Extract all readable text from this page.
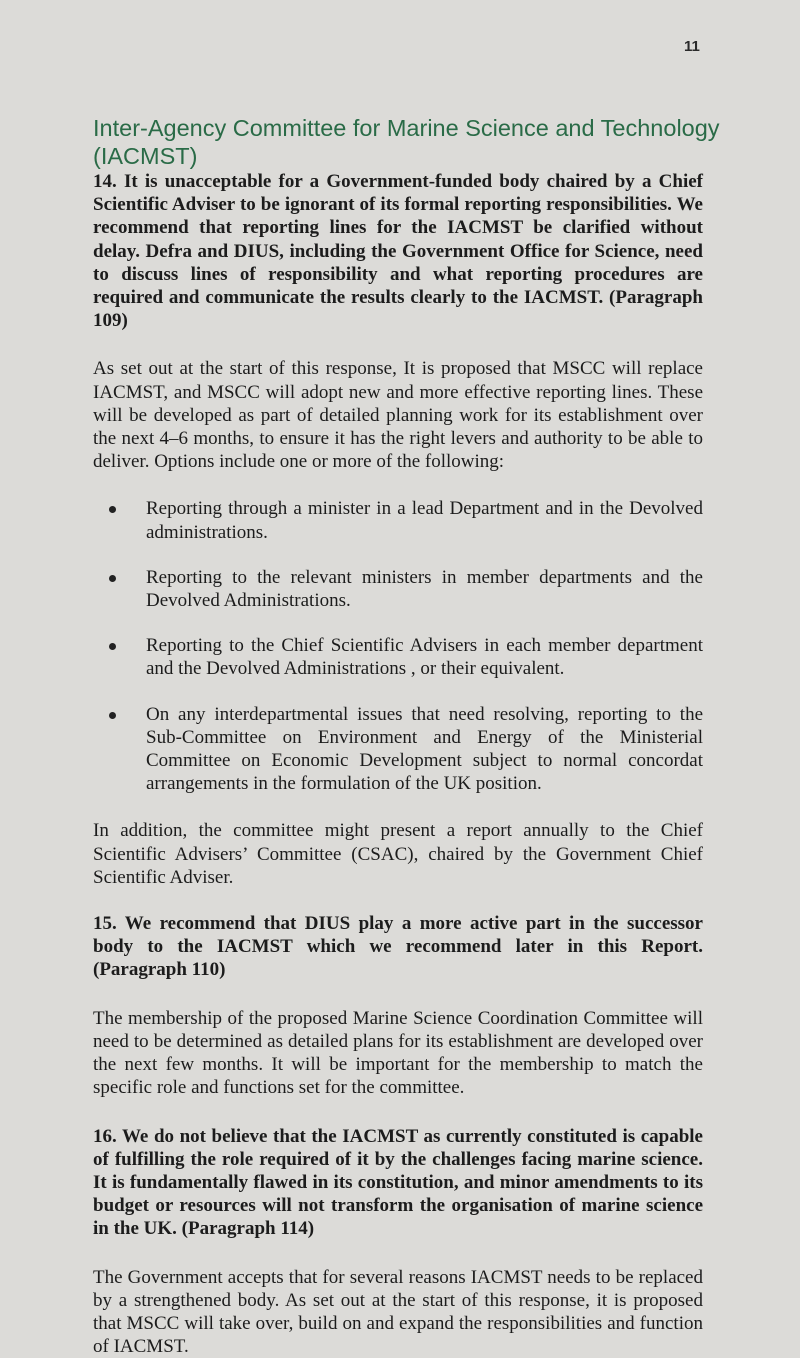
11
Inter-Agency Committee for Marine Science and Technology (IACMST)

14. It is unacceptable for a Government-funded body chaired by a Chief Scientific Adviser to be ignorant of its formal reporting responsibilities. We recommend that reporting lines for the IACMST be clarified without delay. Defra and DIUS, including the Government Office for Science, need to discuss lines of responsibility and what reporting procedures are required and communicate the results clearly to the IACMST. (Paragraph 109)

As set out at the start of this response, It is proposed that MSCC will replace IACMST, and MSCC will adopt new and more effective reporting lines. These will be developed as part of detailed planning work for its establishment over the next 4–6 months, to ensure it has the right levers and authority to be able to deliver. Options include one or more of the following:

Reporting through a minister in a lead Department and in the Devolved administrations.
Reporting to the relevant ministers in member departments and the Devolved Administrations.
Reporting to the Chief Scientific Advisers in each member department and the Devolved Administrations , or their equivalent.
On any interdepartmental issues that need resolving, reporting to the Sub-Committee on Environment and Energy of the Ministerial Committee on Economic Development subject to normal concordat arrangements in the formulation of the UK position.

In addition, the committee might present a report annually to the Chief Scientific Advisers’ Committee (CSAC), chaired by the Government Chief Scientific Adviser.

15. We recommend that DIUS play a more active part in the successor body to the IACMST which we recommend later in this Report. (Paragraph 110)

The membership of the proposed Marine Science Coordination Committee will need to be determined as detailed plans for its establishment are developed over the next few months. It will be important for the membership to match the specific role and functions set for the committee.

16. We do not believe that the IACMST as currently constituted is capable of fulfilling the role required of it by the challenges facing marine science. It is fundamentally flawed in its constitution, and minor amendments to its budget or resources will not transform the organisation of marine science in the UK. (Paragraph 114)

The Government accepts that for several reasons IACMST needs to be replaced by a strengthened body. As set out at the start of this response, it is proposed that MSCC will take over, build on and expand the responsibilities and function of IACMST.
